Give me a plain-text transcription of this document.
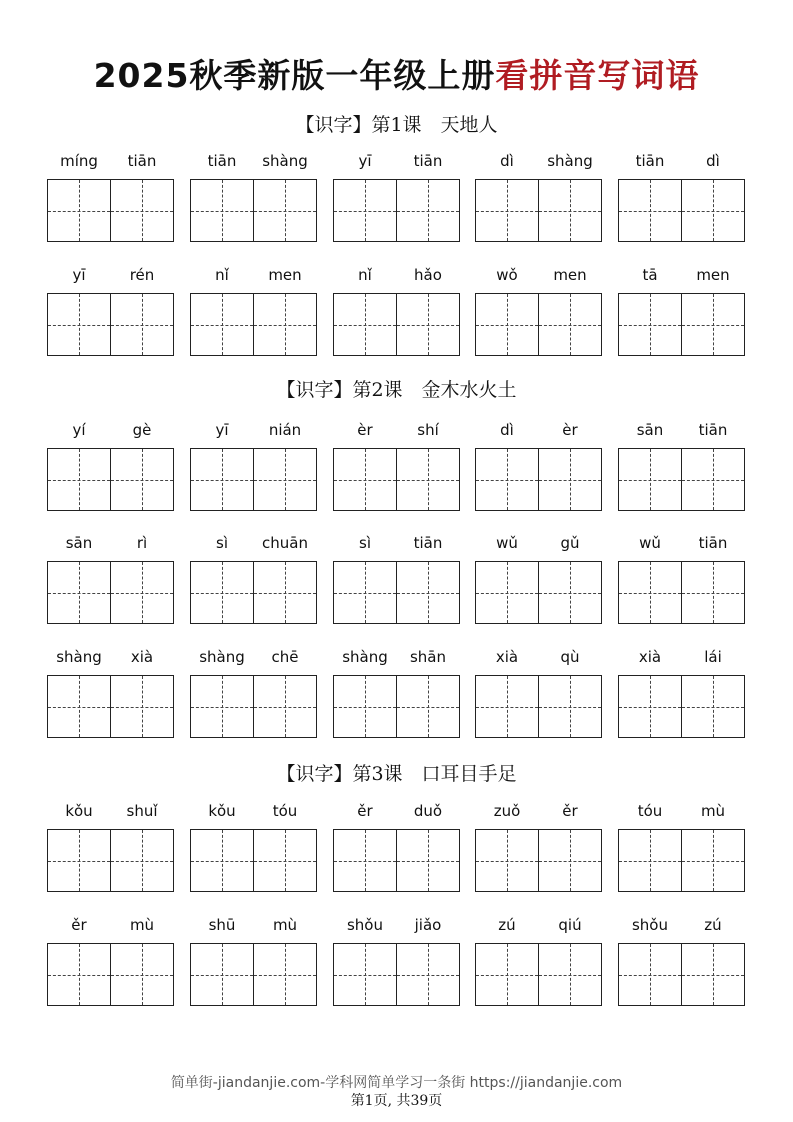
2025秋季新版一年级上册看拼音写词语
【识字】第1课　天地人
míng	tiān	tiān	shàng	yī	tiān	dì	shàng	tiān	dì
yī	rén	nǐ	men	nǐ	hǎo	wǒ	men	tā	men
【识字】第2课　金木水火土
yí	gè	yī	nián	èr	shí	dì	èr	sān	tiān
sān	rì	sì	chuān	sì	tiān	wǔ	gǔ	wǔ	tiān
shàng	xià	shàng	chē	shàng	shān	xià	qù	xià	lái
【识字】第3课　口耳目手足
kǒu	shuǐ	kǒu	tóu	ěr	duǒ	zuǒ	ěr	tóu	mù
ěr	mù	shū	mù	shǒu	jiǎo	zú	qiú	shǒu	zú
简单街-jiandanjie.com-学科网简单学习一条街 https://jiandanjie.com
第1页, 共39页
